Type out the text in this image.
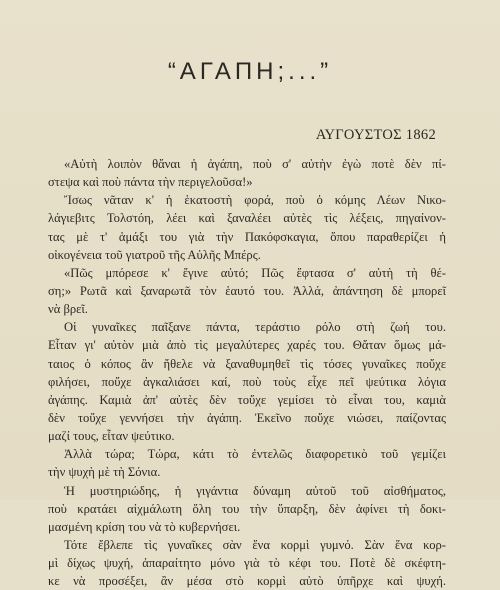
“ΑΓΑΠΗ;...”
ΑΥΓΟΥΣΤΟΣ 1862
«Αὐτὴ λοιπὸν θἄναι ἡ ἀγάπη, ποὺ σ' αὐτὴν ἐγὼ ποτὲ δὲν πί-
στεψα καὶ ποὺ πάντα τὴν περιγελοῦσα!»
Ἴσως νᾶταν κ' ἡ ἑκατοστὴ φορά, ποὺ ὁ κόμης Λέων Νικο-
λάγιεβιτς Τολστόη, λέει καὶ ξαναλέει αὐτὲς τὶς λέξεις, πηγαίνον-
τας μὲ τ' ἁμάξι του γιὰ τὴν Πακόφσκαγια, ὅπου παραθερίζει ἡ
οἰκογένεια τοῦ γιατροῦ τῆς Αὐλῆς Μπέρς.
«Πῶς μπόρεσε κ' ἔγινε αὐτό; Πῶς ἔφτασα σ' αὐτὴ τὴ θέ-
ση;» Ρωτᾶ καὶ ξαναρωτᾶ τὸν ἑαυτό του. Ἀλλά, ἀπάντηση δὲ μπορεῖ
νὰ βρεῖ.
Οἱ γυναῖκες παῖξανε πάντα, τεράστιο ρόλο στὴ ζωή του.
Εἶταν γι' αὐτὸν μιὰ ἀπὸ τὶς μεγαλύτερες χαρές του. Θἄταν ὅμως μά-
ταιος ὁ κόπος ἂν ἤθελε νὰ ξαναθυμηθεῖ τὶς τόσες γυναῖκες ποὔχε
φιλήσει, ποὔχε ἀγκαλιάσει καί, ποὺ τοὺς εἶχε πεῖ ψεύτικα λόγια
ἀγάπης. Καμιὰ ἀπ' αὐτὲς δὲν τοὔχε γεμίσει τὸ εἶναι του, καμιὰ
δὲν τοὔχε γεννήσει τὴν ἀγάπη. Ἐκεῖνο ποὔχε νιώσει, παίζοντας
μαζί τους, εἶταν ψεύτικο.
Ἀλλὰ τώρα; Τώρα, κάτι τὸ ἐντελῶς διαφορετικὸ τοῦ γεμίζει
τὴν ψυχὴ μὲ τὴ Σόνια.
Ἡ μυστηριώδης, ἡ γιγάντια δύναμη αὐτοῦ τοῦ αἰσθήματος,
ποὺ κρατάει αἰχμάλωτη ὅλη του τὴν ὕπαρξη, δὲν ἀφίνει τὴ δοκι-
μασμένη κρίση του νὰ τὸ κυβερνήσει.
Τότε ἔβλεπε τὶς γυναῖκες σὰν ἕνα κορμὶ γυμνό. Σὰν ἕνα κορ-
μὶ δίχως ψυχή, ἀπαραίτητο μόνο γιὰ τὸ κέφι του. Ποτὲ δὲ σκέφτη-
κε νὰ προσέξει, ἂν μέσα στὸ κορμὶ αὐτὸ ὑπῆρχε καὶ ψυχή.
